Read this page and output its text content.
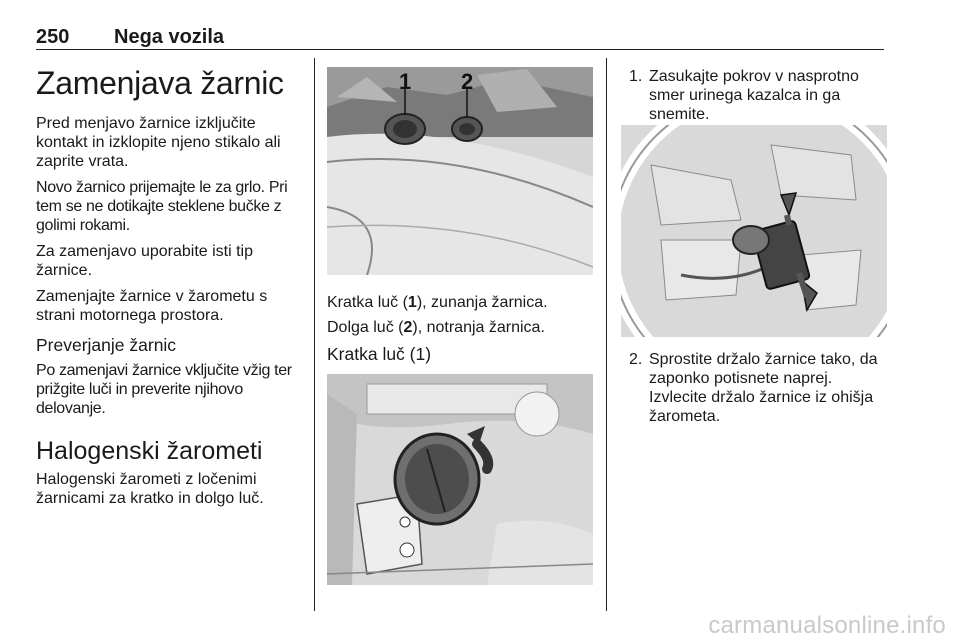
250 Nega vozila
Zamenjava žarnic

Pred menjavo žarnice izključite kontakt in izklopite njeno stikalo ali zaprite vrata.

Novo žarnico prijemajte le za grlo. Pri tem se ne dotikajte steklene bučke z golimi rokami.

Za zamenjavo uporabite isti tip žarnice.

Zamenjajte žarnice v žarometu s strani motornega prostora.

Preverjanje žarnic

Po zamenjavi žarnice vključite vžig ter prižgite luči in preverite njihovo delovanje.

Halogenski žarometi

Halogenski žarometi z ločenimi žarnicami za kratko in dolgo luč.

1 2
Kratka luč (1), zunanja žarnica.
Dolga luč (2), notranja žarnica.
Kratka luč (1)
1. Zasukajte pokrov v nasprotno smer urinega kazalca in ga snemite.
2. Sprostite držalo žarnice tako, da zaponko potisnete naprej. Izvlecite držalo žarnice iz ohišja žarometa.
carmanualsonline.info
